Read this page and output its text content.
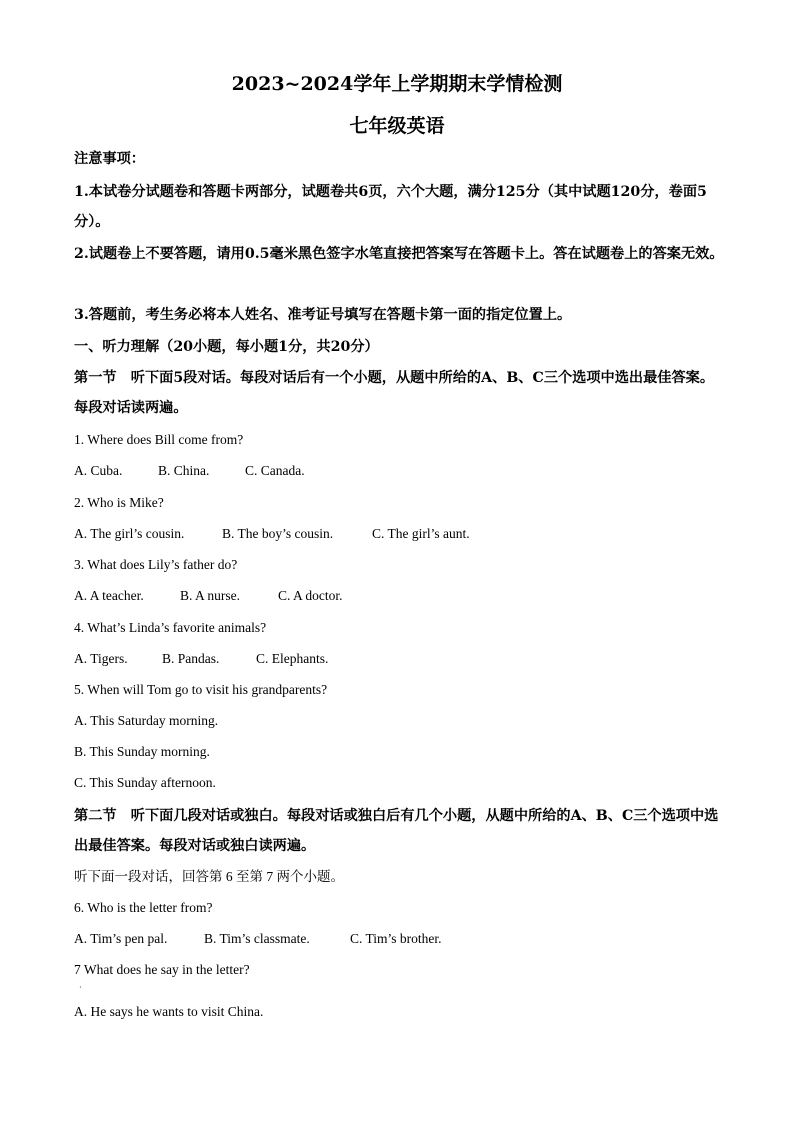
2023~2024学年上学期期末学情检测
七年级英语
注意事项：
1.本试卷分试题卷和答题卡两部分，试题卷共6页，六个大题，满分125分（其中试题120分，卷面5分）。
2.试题卷上不要答题，请用0.5毫米黑色签字水笔直接把答案写在答题卡上。答在试题卷上的答案无效。
3.答题前，考生务必将本人姓名、准考证号填写在答题卡第一面的指定位置上。
一、听力理解（20小题，每小题1分，共20分）
第一节　听下面5段对话。每段对话后有一个小题，从题中所给的A、B、C三个选项中选出最佳答案。每段对话读两遍。
1. Where does Bill come from?
A. Cuba.	B. China.	C. Canada.
2. Who is Mike?
A. The girl’s cousin.	B. The boy’s cousin.	C. The girl’s aunt.
3. What does Lily’s father do?
A. A teacher.	B. A nurse.	C. A doctor.
4. What’s Linda’s favorite animals?
A. Tigers.	B. Pandas.	C. Elephants.
5. When will Tom go to visit his grandparents?
A. This Saturday morning.
B. This Sunday morning.
C. This Sunday afternoon.
第二节　听下面几段对话或独白。每段对话或独白后有几个小题，从题中所给的A、B、C三个选项中选出最佳答案。每段对话或独白读两遍。
听下面一段对话，回答第 6 至第 7 两个小题。
6. Who is the letter from?
A. Tim’s pen pal.	B. Tim’s classmate.	C. Tim’s brother.
7 What does he say in the letter?
·
A. He says he wants to visit China.
